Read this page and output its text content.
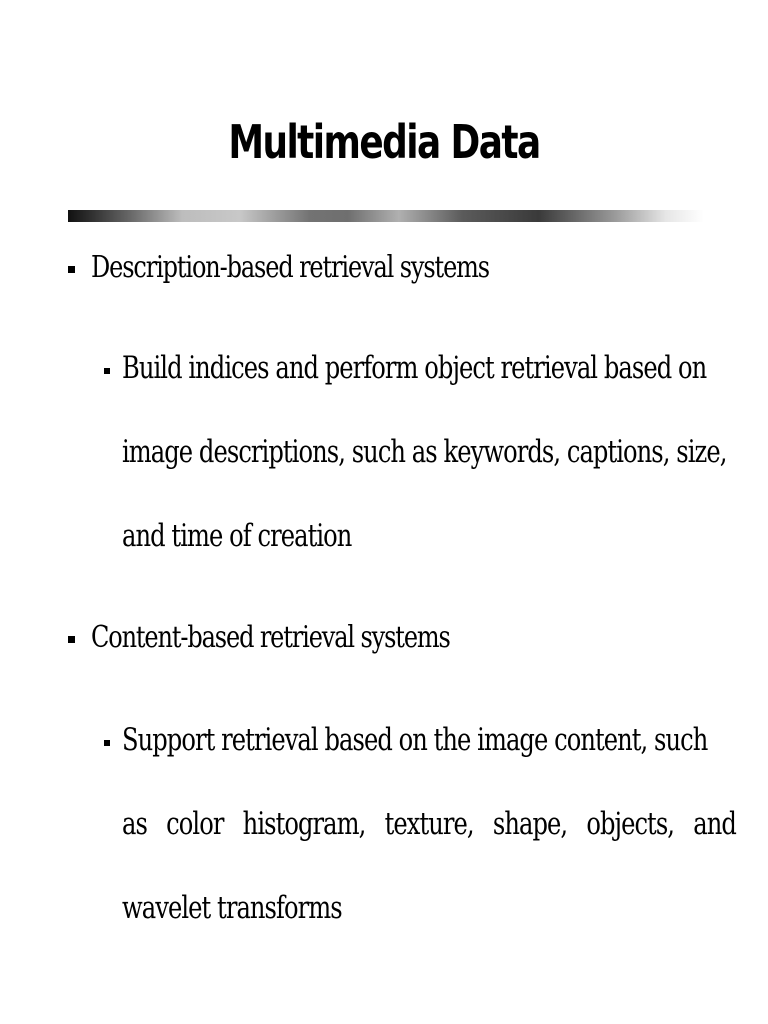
Multimedia Data
Description-based retrieval systems
Build indices and perform object retrieval based on
image descriptions, such as keywords, captions, size,
and time of creation
Content-based retrieval systems
Support retrieval based on the image content, such
as color histogram, texture, shape, objects, and
wavelet transforms
